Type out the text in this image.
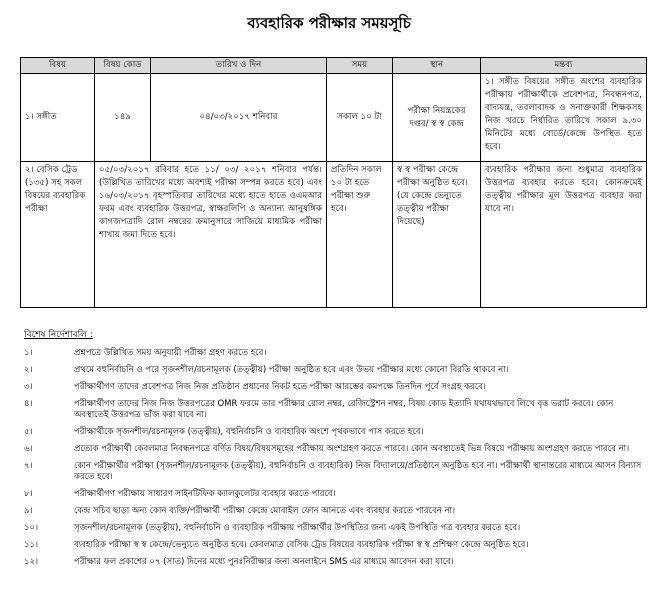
ব্যবহারিক পরীক্ষার সময়সূচি
বিষয়	বিষয় কোড	তারিখ ও দিন	সময়	স্থান	মন্তব্য
১। সঙ্গীত	১৪৯	০৪/০৩/২০১৭ শনিবার	সকাল ১০ টা	পরীক্ষা নিয়ন্ত্রকের দপ্তর/ স্ব স্ব কেন্দ্র	১। সঙ্গীত বিষয়ের সঙ্গীত অংশের ব্যবহারিক পরীক্ষায় পরীক্ষার্থীকে প্রবেশপত্র, নিবন্ধনপত্র, বাদ্যযন্ত্র, তবলাবাদক ও সনাক্তকারী শিক্ষকসহ নিজ খরচে নির্ধারিত তারিখে সকাল ৯.৩০ মিনিটের মধ্যে বোর্ডে/কেন্দ্রে উপস্থিত হতে হবে।
২। বেসিক ট্রেড (১৩৫) সহ সকল বিষয়ের ব্যবহারিক পরীক্ষা	০৫/০৩/২০১৭ রবিবার হতে ১১/ ০৩/ ২০১৭ শনিবার পর্যন্ত। (উল্লিখিত তারিখের মধ্যে অবশ্যই পরীক্ষা সম্পন্ন করতে হবে) এবং ১৬/০৩/২০১৭ বৃহস্পতিবার তারিখের মধ্যে হাতে হাতে ওএমআর ফরম এবং ব্যবহারিক উত্তরপত্র, স্বাক্ষরলিপি ও অন্যান্য আনুষঙ্গিক কাগজপত্রাদি রোল নম্বরের ক্রমানুসারে সাজিয়ে মাধ্যমিক পরীক্ষা শাখায় জমা দিতে হবে।		প্রতিদিন সকাল ১০ টা হতে পরীক্ষা শুরু হবে।	স্ব স্ব পরীক্ষা কেন্দ্রে পরীক্ষা অনুষ্ঠিত হবে। (যে কেন্দ্রে ভেন্যুতে তত্ত্বীয় পরীক্ষা দিয়েছে)	ব্যবহারিক পরীক্ষার জন্য শুধুমাত্র ব্যবহারিক উত্তরপত্র ব্যবহার করতে হবে। কোনক্রমেই তত্ত্বীয় পরীক্ষার মূল উত্তরপত্র ব্যবহার করা যাবে না।
বিশেষ নির্দেশাবলি :
১।	প্রশ্নপত্রে উল্লিখিত সময় অনুযায়ী পরীক্ষা গ্রহণ করতে হবে।
২।	প্রথমে বহুনির্বাচনি ও পরে সৃজনশীল/রচনামূলক (তত্ত্বীয়) পরীক্ষা অনুষ্ঠিত হবে এবং উভয় পরীক্ষার মধ্যে কোনো বিরতি থাকবে না।
৩।	পরীক্ষার্থীগণ তাদের প্রবেশপত্র নিজ নিজ প্রতিষ্ঠান প্রধানের নিকট হতে পরীক্ষা আরম্ভের কমপক্ষে তিনদিন পূর্বে সংগ্রহ করবে।
৪।	পরীক্ষার্থীগণ তাদের নিজ নিজ উত্তরপত্রের OMR ফরমে তার পরীক্ষার রোল নম্বর, রেজিস্ট্রেশন নম্বর, বিষয় কোড ইত্যাদি যথাযথভাবে লিখে বৃত্ত ভরাট করবে। কোন অবস্থাতেই উত্তরপত্র ভাঁজ করা যাবে না।
৫।	পরীক্ষার্থীকে সৃজনশীল/রচনামূলক (তত্ত্বীয়), বহুনির্বাচনি ও ব্যবহারিক অংশে পৃথকভাবে পাস করতে হবে।
৬।	প্রত্যেক পরীক্ষার্থী কেবলমাত্র নিবন্ধনপত্রে বর্ণিত বিষয়/বিষয়সমূহের পরীক্ষায় অংশগ্রহণ করতে পারবে। কোন অবস্থাতেই ভিন্ন বিষয়ে পরীক্ষায় অংশগ্রহণ করতে পারবে না।
৭।	কোন পরীক্ষার্থীর পরীক্ষা (সৃজনশীল/রচনামূলক (তত্ত্বীয়), বহুনির্বাচনি ও ব্যবহারিক) নিজ বিদ্যালয়ে/প্রতিষ্ঠানে অনুষ্ঠিত হবে না। পরীক্ষার্থী স্থানান্তরের মাধ্যমে আসন বিন্যাস করতে হবে।
৮।	পরীক্ষার্থীগণ পরীক্ষায় সাধারণ সাইনটিফিক ক্যালকুলেটর ব্যবহার করতে পারবে।
৯।	কেন্দ্র সচিব ছাড়া অন্য কোন ব্যক্তি/পরীক্ষার্থী পরীক্ষা কেন্দ্রে মোবাইল ফোন আনতে এবং ব্যবহার করতে পারবেন না।
১০।	সৃজনশীল/রচনামূলক (তত্ত্বীয়), বহুনির্বাচনি ও ব্যবহারিক পরীক্ষায় পরীক্ষার্থীর উপস্থিতির জন্য একই উপস্থিতি পত্র ব্যবহার করতে হবে।
১১।	ব্যবহারিক পরীক্ষা স্ব স্ব কেন্দ্রে/ভেন্যুতে অনুষ্ঠিত হবে। কেবলমাত্র বেসিক ট্রেড বিষয়ের ব্যবহারিক পরীক্ষা স্ব স্ব প্রশিক্ষণ কেন্দ্রে অনুষ্ঠিত হবে।
১২।	পরীক্ষার ফল প্রকাশের ০৭ (সাত) দিনের মধ্যে পুনঃনিরীক্ষার জন্য অনলাইনে SMS এর মাধ্যমে আবেদন করা যাবে।
